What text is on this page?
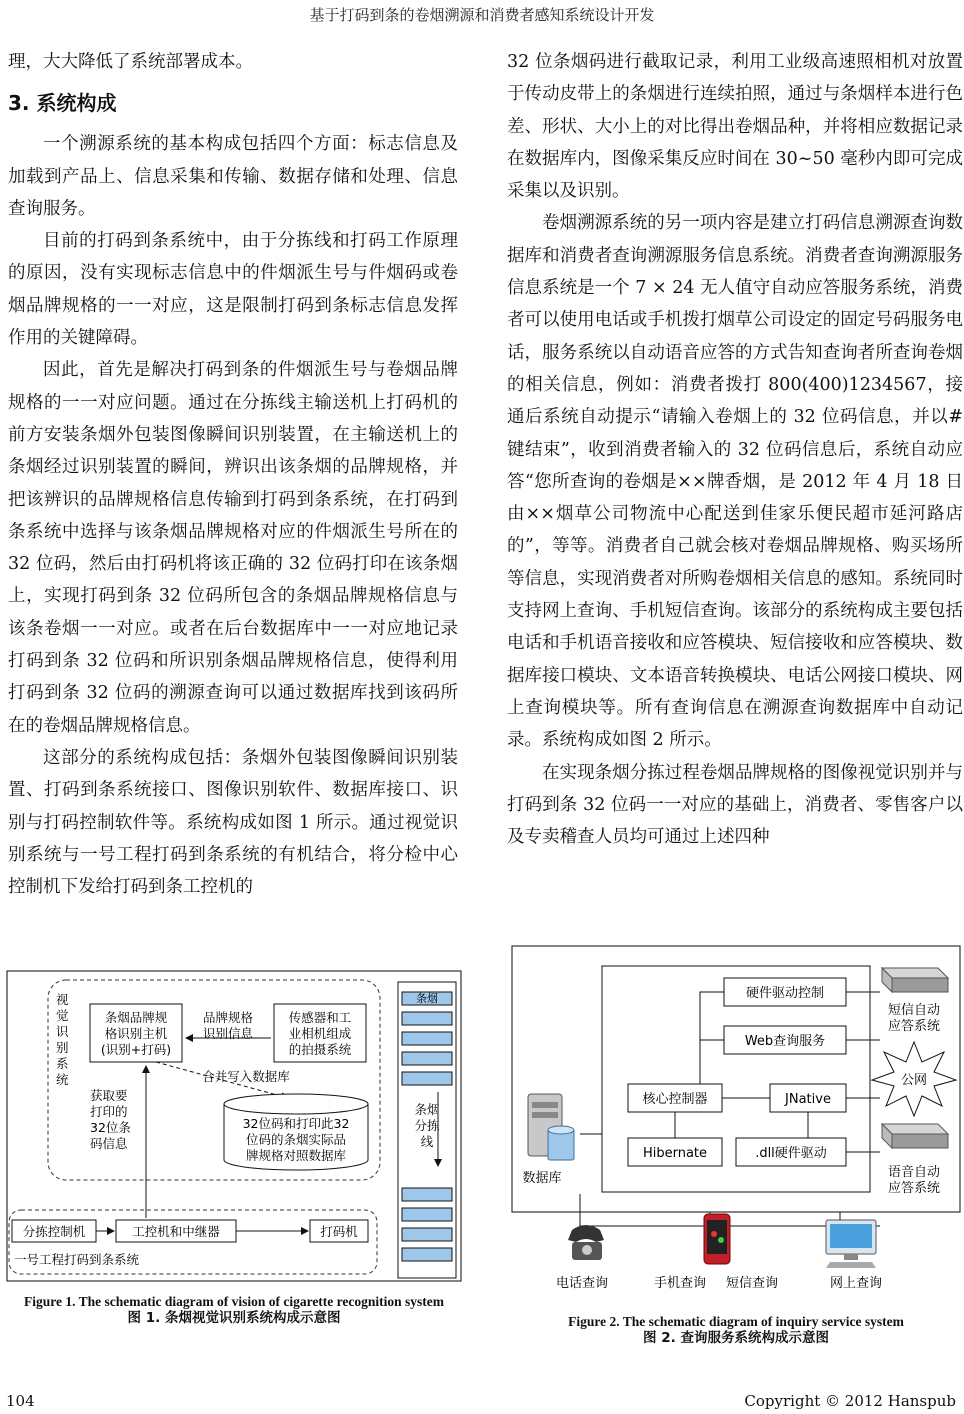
基于打码到条的卷烟溯源和消费者感知系统设计开发

理，大大降低了系统部署成本。

3. 系统构成

一个溯源系统的基本构成包括四个方面：标志信息及加载到产品上、信息采集和传输、数据存储和处理、信息查询服务。

目前的打码到条系统中，由于分拣线和打码工作原理的原因，没有实现标志信息中的件烟派生号与件烟码或卷烟品牌规格的一一对应，这是限制打码到条标志信息发挥作用的关键障碍。

因此，首先是解决打码到条的件烟派生号与卷烟品牌规格的一一对应问题。通过在分拣线主输送机上打码机的前方安装条烟外包装图像瞬间识别装置，在主输送机上的条烟经过识别装置的瞬间，辨识出该条烟的品牌规格，并把该辨识的品牌规格信息传输到打码到条系统，在打码到条系统中选择与该条烟品牌规格对应的件烟派生号所在的 32 位码，然后由打码机将该正确的 32 位码打印在该条烟上，实现打码到条 32 位码所包含的条烟品牌规格信息与该条卷烟一一对应。或者在后台数据库中一一对应地记录打码到条 32 位码和所识别条烟品牌规格信息，使得利用打码到条 32 位码的溯源查询可以通过数据库找到该码所在的卷烟品牌规格信息。

这部分的系统构成包括：条烟外包装图像瞬间识别装置、打码到条系统接口、图像识别软件、数据库接口、识别与打码控制软件等。系统构成如图 1 所示。通过视觉识别系统与一号工程打码到条系统的有机结合，将分检中心控制机下发给打码到条工控机的

32 位条烟码进行截取记录，利用工业级高速照相机对放置于传动皮带上的条烟进行连续拍照，通过与条烟样本进行色差、形状、大小上的对比得出卷烟品种，并将相应数据记录在数据库内，图像采集反应时间在 30~50 毫秒内即可完成采集以及识别。

卷烟溯源系统的另一项内容是建立打码信息溯源查询数据库和消费者查询溯源服务信息系统。消费者查询溯源服务信息系统是一个 7 × 24 无人值守自动应答服务系统，消费者可以使用电话或手机拨打烟草公司设定的固定号码服务电话，服务系统以自动语音应答的方式告知查询者所查询卷烟的相关信息，例如：消费者拨打 800(400)1234567，接通后系统自动提示“请输入卷烟上的 32 位码信息，并以#键结束”，收到消费者输入的 32 位码信息后，系统自动应答“您所查询的卷烟是××牌香烟，是 2012 年 4 月 18 日由××烟草公司物流中心配送到佳家乐便民超市延河路店的”，等等。消费者自己就会核对卷烟品牌规格、购买场所等信息，实现消费者对所购卷烟相关信息的感知。系统同时支持网上查询、手机短信查询。该部分的系统构成主要包括电话和手机语音接收和应答模块、短信接收和应答模块、数据库接口模块、文本语音转换模块、电话公网接口模块、网上查询模块等。所有查询信息在溯源查询数据库中自动记录。系统构成如图 2 所示。

在实现条烟分拣过程卷烟品牌规格的图像视觉识别并与打码到条 32 位码一一对应的基础上，消费者、零售客户以及专卖稽查人员均可通过上述四种

视
觉
识
别
系
统
条烟品牌规
格识别主机
(识别+打码)
品牌规格
识别信息
传感器和工
业相机组成
的拍摄系统
合并写入数据库
32位码和打印此32
位码的条烟实际品
牌规格对照数据库
获取要
打印的
32位条
码信息
条烟
条烟
分拣
线
分拣控制机	工控机和中继器	打码机
一号工程打码到条系统
Figure 1. The schematic diagram of vision of cigarette recognition system
图 1. 条烟视觉识别系统构成示意图
硬件驱动控制
Web查询服务
核心控制器	JNative
Hibernate	.dll硬件驱动
数据库
短信自动
应答系统
公网
语音自动
应答系统
电话查询	手机查询 短信查询	网上查询
Figure 2. The schematic diagram of inquiry service system
图 2. 查询服务系统构成示意图
104	Copyright © 2012 Hanspub
